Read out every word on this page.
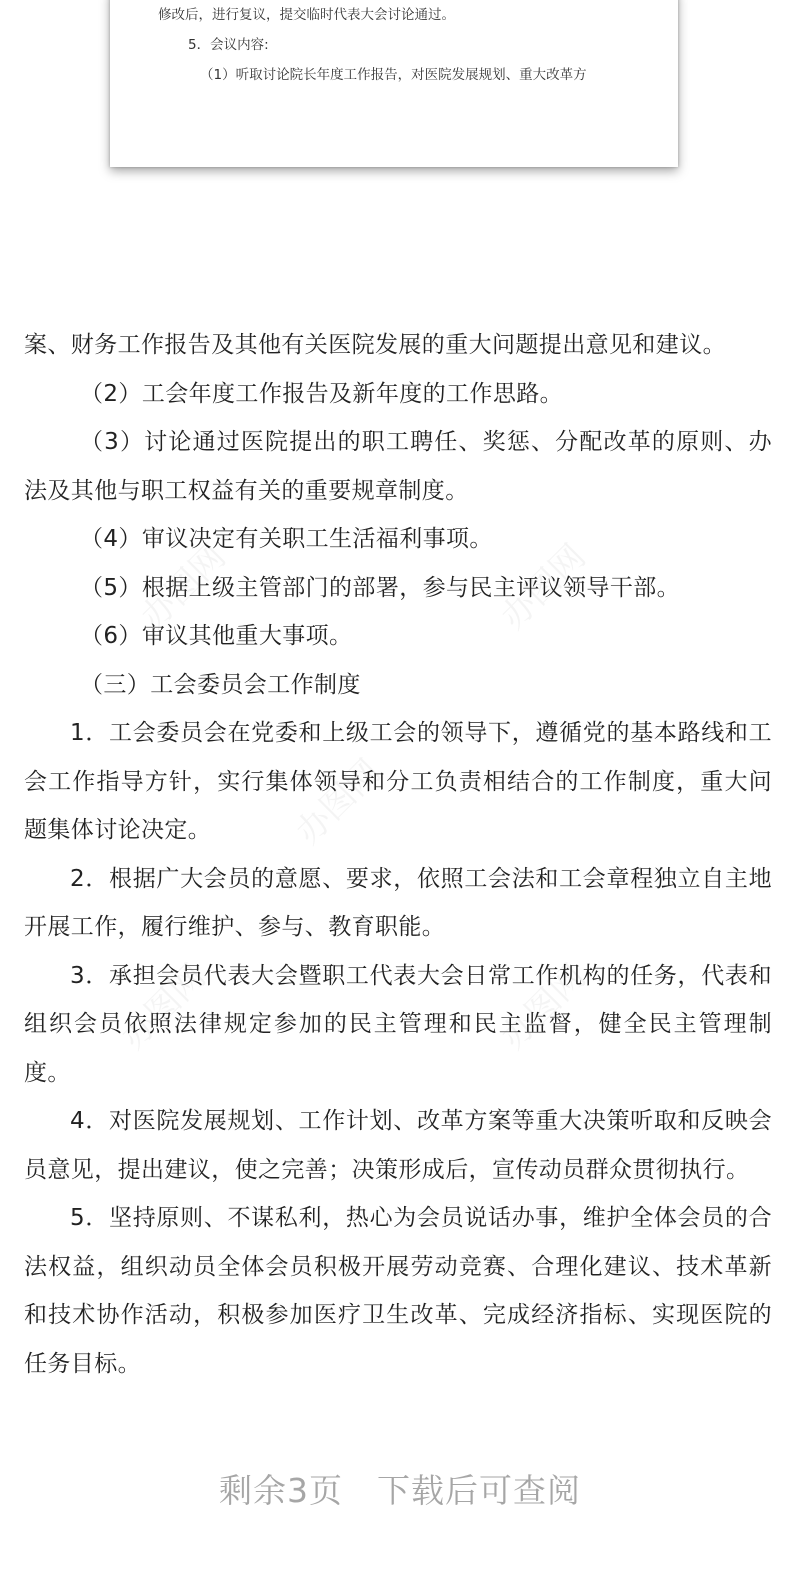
修改后，进行复议，提交临时代表大会讨论通过。
5．会议内容:
（1）听取讨论院长年度工作报告，对医院发展规划、重大改革方
办图网	办图网
办图网
办图网	办图网

案、财务工作报告及其他有关医院发展的重大问题提出意见和建议。

（2）工会年度工作报告及新年度的工作思路。

（3）讨论通过医院提出的职工聘任、奖惩、分配改革的原则、办法及其他与职工权益有关的重要规章制度。

（4）审议决定有关职工生活福利事项。

（5）根据上级主管部门的部署，参与民主评议领导干部。

（6）审议其他重大事项。

（三）工会委员会工作制度

1．工会委员会在党委和上级工会的领导下，遵循党的基本路线和工会工作指导方针，实行集体领导和分工负责相结合的工作制度，重大问题集体讨论决定。

2．根据广大会员的意愿、要求，依照工会法和工会章程独立自主地开展工作，履行维护、参与、教育职能。

3．承担会员代表大会暨职工代表大会日常工作机构的任务，代表和组织会员依照法律规定参加的民主管理和民主监督，健全民主管理制度。

4．对医院发展规划、工作计划、改革方案等重大决策听取和反映会员意见，提出建议，使之完善；决策形成后，宣传动员群众贯彻执行。

5．坚持原则、不谋私利，热心为会员说话办事，维护全体会员的合法权益，组织动员全体会员积极开展劳动竞赛、合理化建议、技术革新和技术协作活动，积极参加医疗卫生改革、完成经济指标、实现医院的任务目标。

剩余3页 下载后可查阅
